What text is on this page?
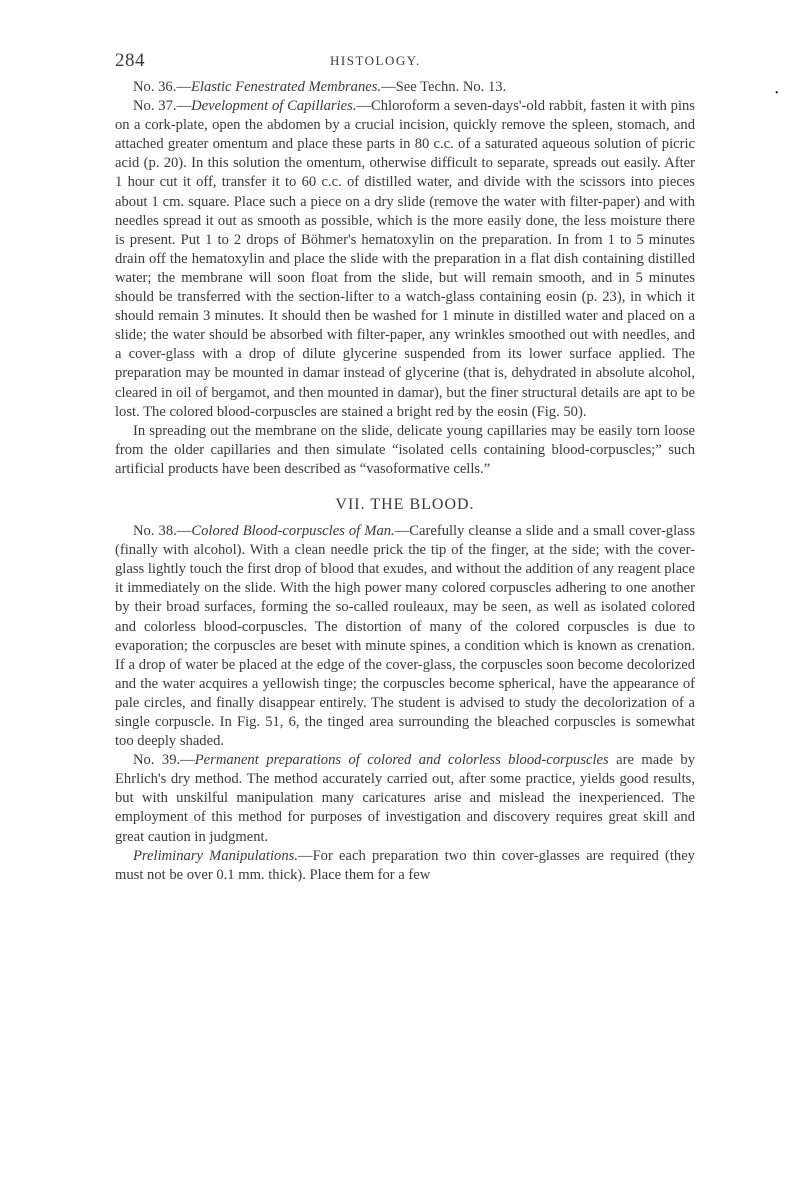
284	HISTOLOGY.
•

No. 36.—Elastic Fenestrated Membranes.—See Techn. No. 13.

No. 37.—Development of Capillaries.—Chloroform a seven-days'-old rabbit, fasten it with pins on a cork-plate, open the abdomen by a crucial incision, quickly remove the spleen, stomach, and attached greater omentum and place these parts in 80 c.c. of a saturated aqueous solution of picric acid (p. 20). In this solution the omentum, otherwise difficult to separate, spreads out easily. After 1 hour cut it off, transfer it to 60 c.c. of distilled water, and divide with the scissors into pieces about 1 cm. square. Place such a piece on a dry slide (remove the water with filter-paper) and with needles spread it out as smooth as possible, which is the more easily done, the less moisture there is present. Put 1 to 2 drops of Böhmer's hematoxylin on the preparation. In from 1 to 5 minutes drain off the hematoxylin and place the slide with the preparation in a flat dish containing distilled water; the membrane will soon float from the slide, but will remain smooth, and in 5 minutes should be transferred with the section-lifter to a watch-glass containing eosin (p. 23), in which it should remain 3 minutes. It should then be washed for 1 minute in distilled water and placed on a slide; the water should be absorbed with filter-paper, any wrinkles smoothed out with needles, and a cover-glass with a drop of dilute glycerine suspended from its lower surface applied. The preparation may be mounted in damar instead of glycerine (that is, dehydrated in absolute alcohol, cleared in oil of bergamot, and then mounted in damar), but the finer structural details are apt to be lost. The colored blood-corpuscles are stained a bright red by the eosin (Fig. 50).

In spreading out the membrane on the slide, delicate young capillaries may be easily torn loose from the older capillaries and then simulate “isolated cells containing blood-corpuscles;” such artificial products have been described as “vasoformative cells.”

VII. THE BLOOD.

No. 38.—Colored Blood-corpuscles of Man.—Carefully cleanse a slide and a small cover-glass (finally with alcohol). With a clean needle prick the tip of the finger, at the side; with the cover-glass lightly touch the first drop of blood that exudes, and without the addition of any reagent place it immediately on the slide. With the high power many colored corpuscles adhering to one another by their broad surfaces, forming the so-called rouleaux, may be seen, as well as isolated colored and colorless blood-corpuscles. The distortion of many of the colored corpuscles is due to evaporation; the corpuscles are beset with minute spines, a condition which is known as crenation. If a drop of water be placed at the edge of the cover-glass, the corpuscles soon become decolorized and the water acquires a yellowish tinge; the corpuscles become spherical, have the appearance of pale circles, and finally disappear entirely. The student is advised to study the decolorization of a single corpuscle. In Fig. 51, 6, the tinged area surrounding the bleached corpuscles is somewhat too deeply shaded.

No. 39.—Permanent preparations of colored and colorless blood-corpuscles are made by Ehrlich's dry method. The method accurately carried out, after some practice, yields good results, but with unskilful manipulation many caricatures arise and mislead the inexperienced. The employment of this method for purposes of investigation and discovery requires great skill and great caution in judgment.

Preliminary Manipulations.—For each preparation two thin cover-glasses are required (they must not be over 0.1 mm. thick). Place them for a few
